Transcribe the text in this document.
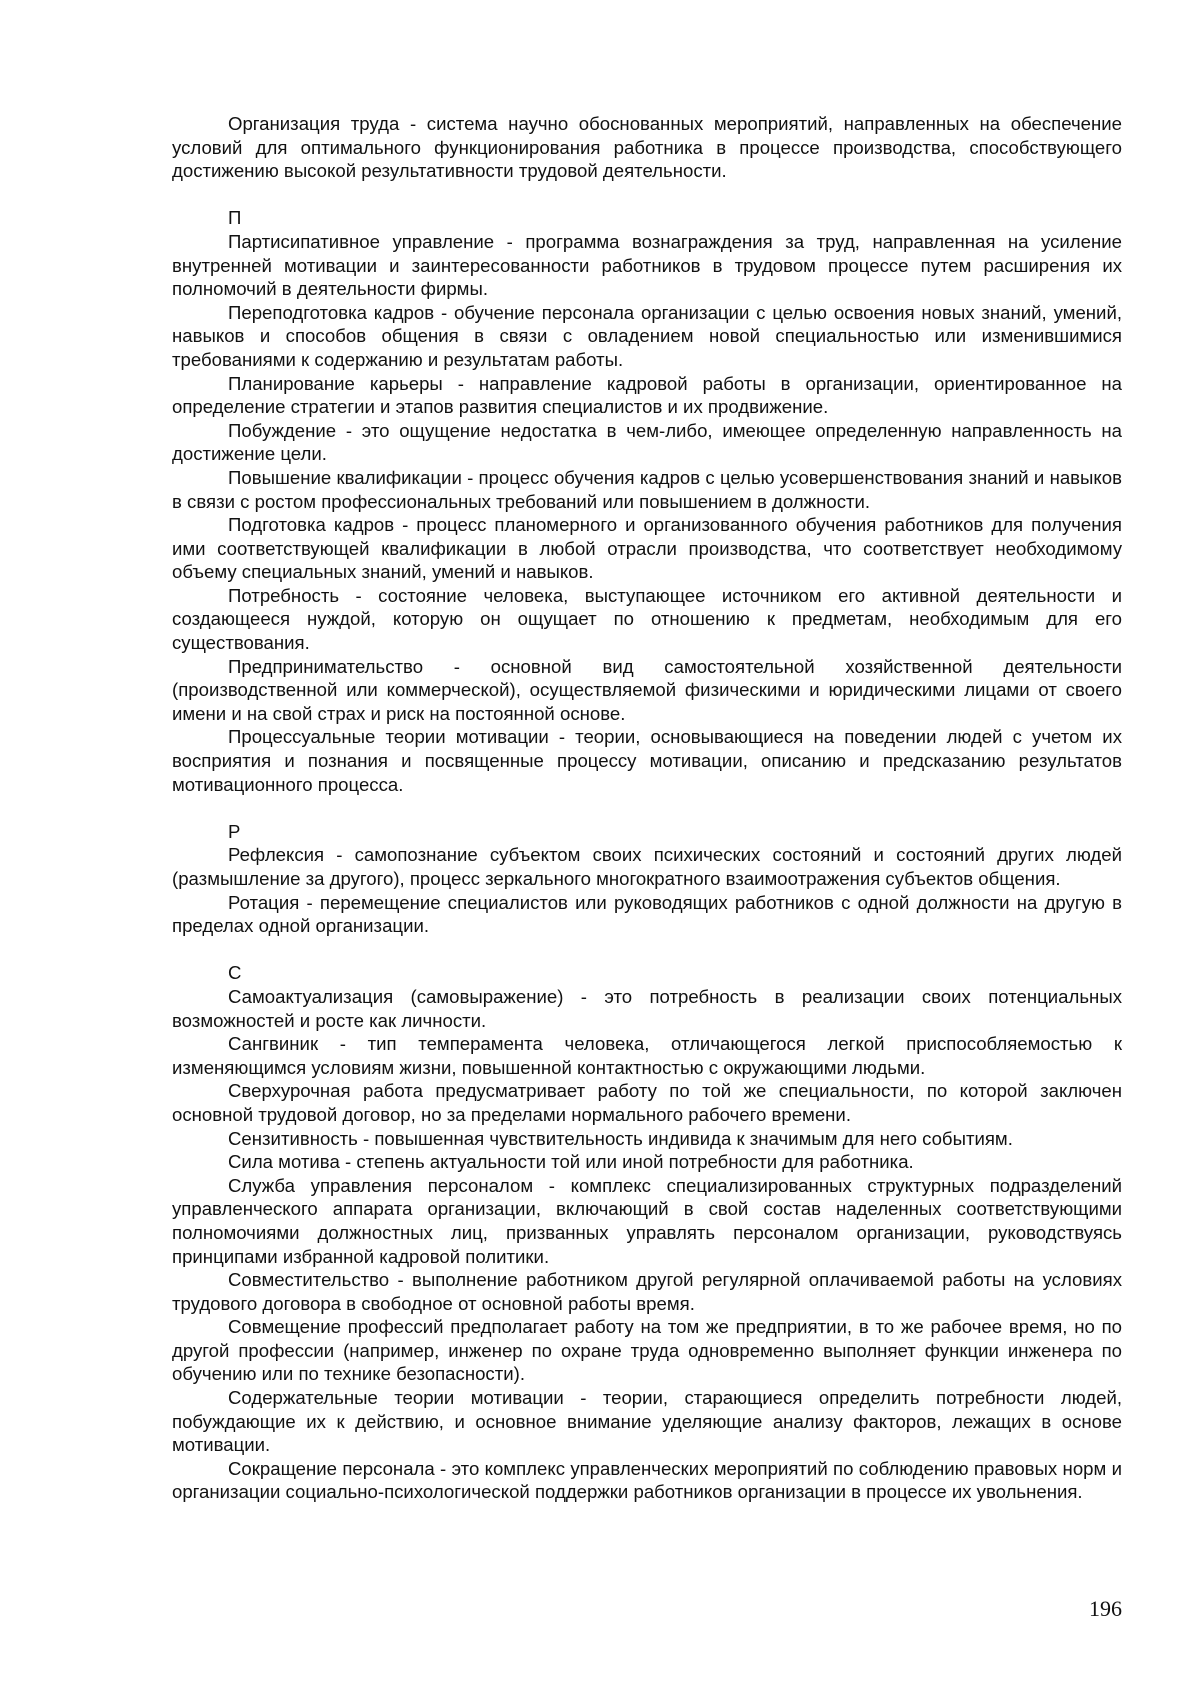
Организация труда - система научно обоснованных мероприятий, направленных на обеспечение условий для оптимального функционирования работника в процессе производства, способствующего достижению высокой результативности трудовой деятельности.

П

Партисипативное управление - программа вознаграждения за труд, направленная на усиление внутренней мотивации и заинтересованности работников в трудовом процессе путем расширения их полномочий в деятельности фирмы.

Переподготовка кадров - обучение персонала организации с целью освоения новых знаний, умений, навыков и способов общения в связи с овладением новой специальностью или изменившимися требованиями к содержанию и результатам работы.

Планирование карьеры - направление кадровой работы в организации, ориентированное на определение стратегии и этапов развития специалистов и их продвижение.

Побуждение - это ощущение недостатка в чем-либо, имеющее определенную направленность на достижение цели.

Повышение квалификации - процесс обучения кадров с целью усовершенствования знаний и навыков в связи с ростом профессиональных требований или повышением в должности.

Подготовка кадров - процесс планомерного и организованного обучения работников для получения ими соответствующей квалификации в любой отрасли производства, что соответствует необходимому объему специальных знаний, умений и навыков.

Потребность - состояние человека, выступающее источником его активной деятельности и создающееся нуждой, которую он ощущает по отношению к предметам, необходимым для его существования.

Предпринимательство - основной вид самостоятельной хозяйственной деятельности (производственной или коммерческой), осуществляемой физическими и юридическими лицами от своего имени и на свой страх и риск на постоянной основе.

Процессуальные теории мотивации - теории, основывающиеся на поведении людей с учетом их восприятия и познания и посвященные процессу мотивации, описанию и предсказанию результатов мотивационного процесса.

Р

Рефлексия - самопознание субъектом своих психических состояний и состояний других людей (размышление за другого), процесс зеркального многократного взаимоотражения субъектов общения.

Ротация - перемещение специалистов или руководящих работников с одной должности на другую в пределах одной организации.

С

Самоактуализация (самовыражение) - это потребность в реализации своих потенциальных возможностей и росте как личности.

Сангвиник - тип темперамента человека, отличающегося легкой приспособляемостью к изменяющимся условиям жизни, повышенной контактностью с окружающими людьми.

Сверхурочная работа предусматривает работу по той же специальности, по которой заключен основной трудовой договор, но за пределами нормального рабочего времени.

Сензитивность - повышенная чувствительность индивида к значимым для него событиям.

Сила мотива - степень актуальности той или иной потребности для работника.

Служба управления персоналом - комплекс специализированных структурных подразделений управленческого аппарата организации, включающий в свой состав наделенных соответствующими полномочиями должностных лиц, призванных управлять персоналом организации, руководствуясь принципами избранной кадровой политики.

Совместительство - выполнение работником другой регулярной оплачиваемой работы на условиях трудового договора в свободное от основной работы время.

Совмещение профессий предполагает работу на том же предприятии, в то же рабочее время, но по другой профессии (например, инженер по охране труда одновременно выполняет функции инженера по обучению или по технике безопасности).

Содержательные теории мотивации - теории, старающиеся определить потребности людей, побуждающие их к действию, и основное внимание уделяющие анализу факторов, лежащих в основе мотивации.

Сокращение персонала - это комплекс управленческих мероприятий по соблюдению правовых норм и организации социально-психологической поддержки работников организации в процессе их увольнения.

196
